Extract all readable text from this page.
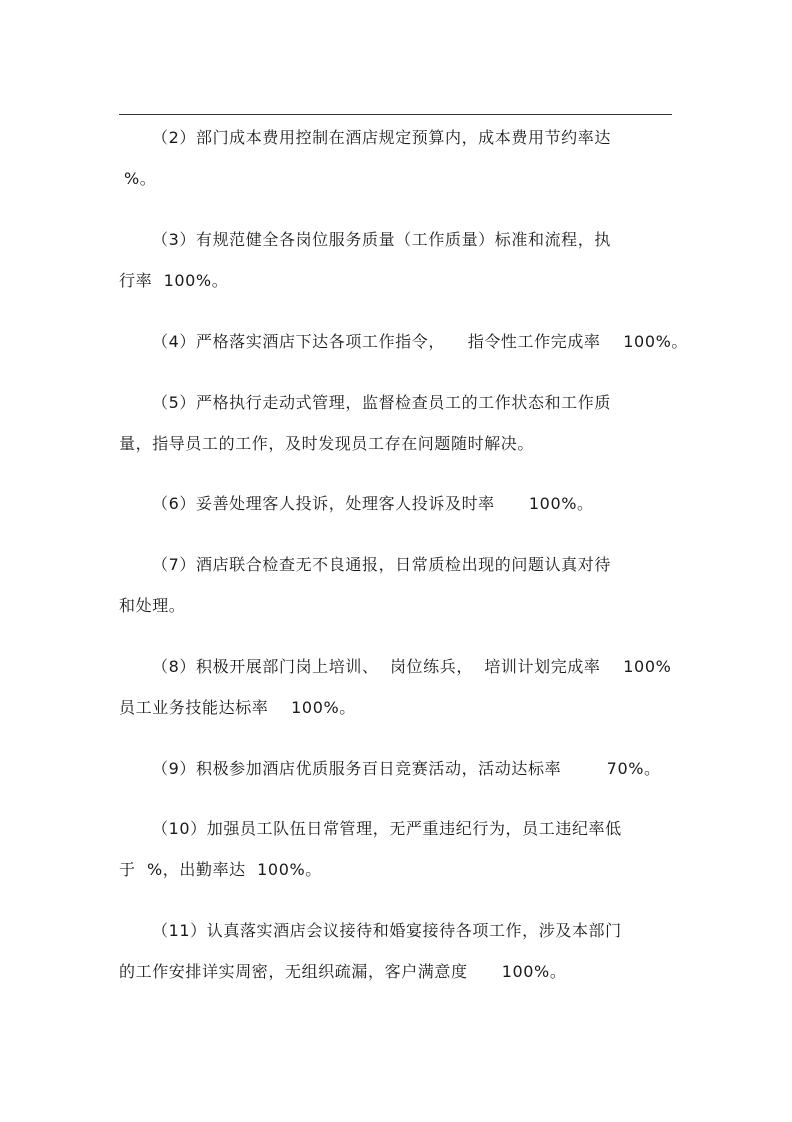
（2）部门成本费用控制在酒店规定预算内，成本费用节约率达
%。
（3）有规范健全各岗位服务质量（工作质量）标准和流程，执
行率  100%。
（4）严格落实酒店下达各项工作指令，    指令性工作完成率    100%。
（5）严格执行走动式管理，监督检查员工的工作状态和工作质
量，指导员工的工作，及时发现员工存在问题随时解决。
（6）妥善处理客人投诉，处理客人投诉及时率      100%。
（7）酒店联合检查无不良通报，日常质检出现的问题认真对待
和处理。
（8）积极开展部门岗上培训、  岗位练兵，  培训计划完成率    100%
员工业务技能达标率    100%。
（9）积极参加酒店优质服务百日竞赛活动，活动达标率        70%。
（10）加强员工队伍日常管理，无严重违纪行为，员工违纪率低
于  %，出勤率达  100%。
（11）认真落实酒店会议接待和婚宴接待各项工作，涉及本部门
的工作安排详实周密，无组织疏漏，客户满意度      100%。
